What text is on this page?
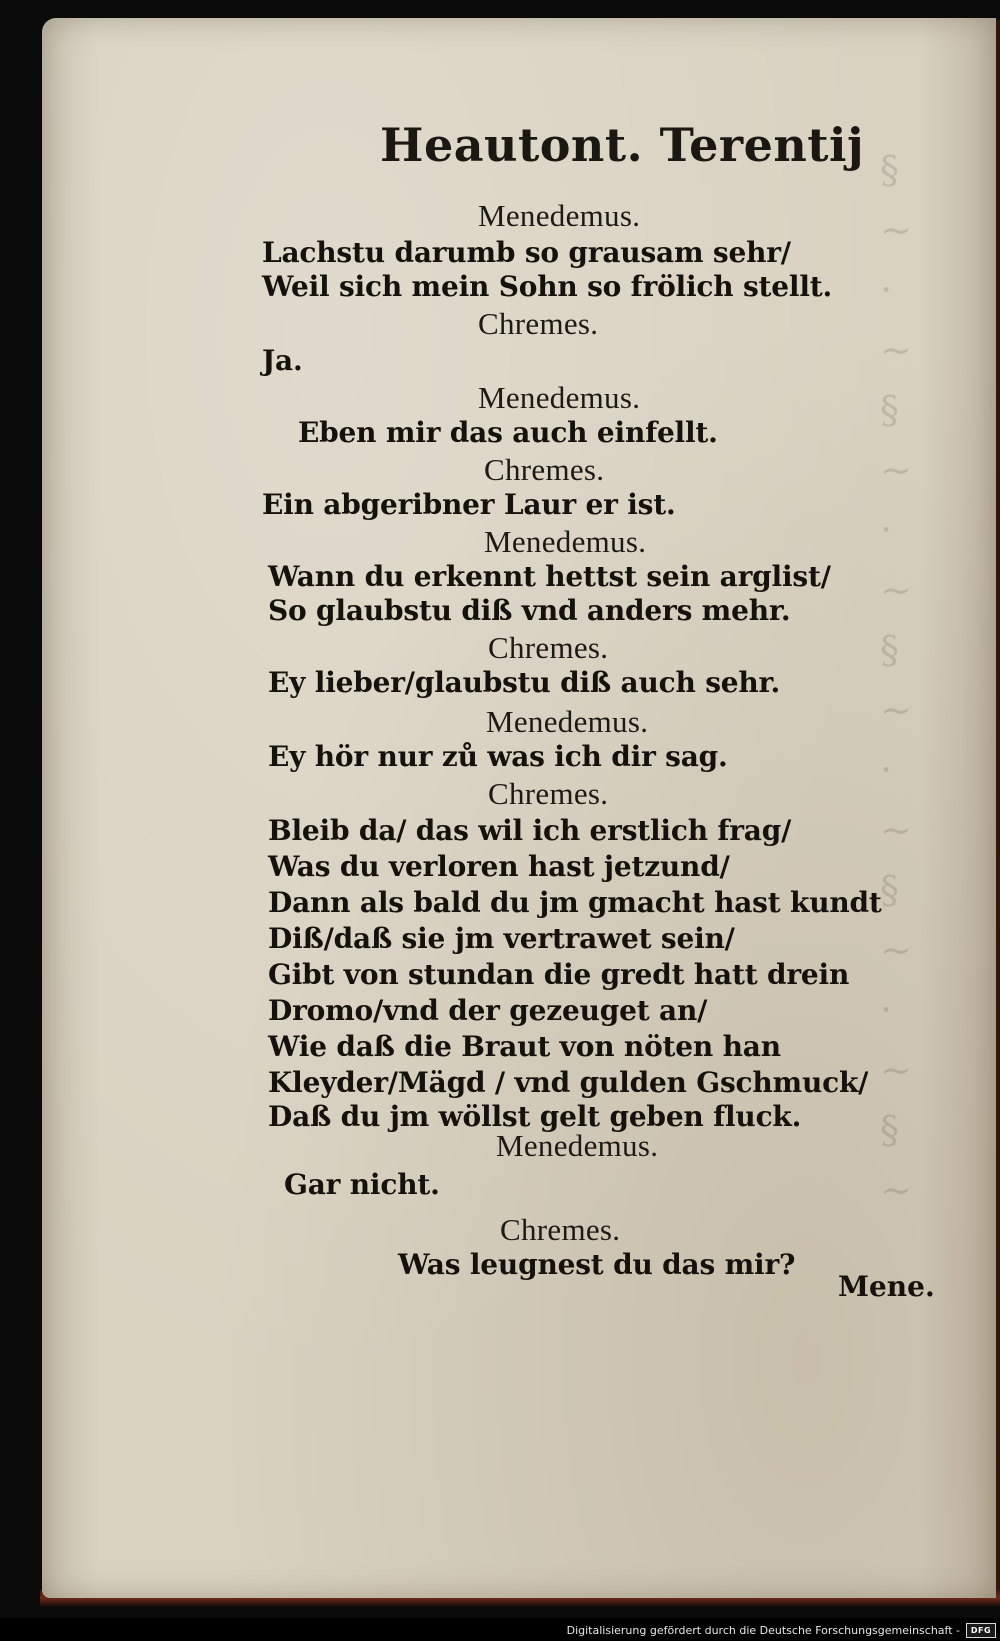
§
~
·
~
§
~
·
~
§
~
·
~
§
~
·
~
§
~
Heautont. Terentij
Menedemus.
Lachstu darumb so grausam sehr/
Weil sich mein Sohn so frölich stellt.
Chremes.
Ja.
Menedemus.
Eben mir das auch einfellt.
Chremes.
Ein abgeribner Laur er ist.
Menedemus.
Wann du erkennt hettst sein arglist/
So glaubstu diß vnd anders mehr.
Chremes.
Ey lieber/glaubstu diß auch sehr.
Menedemus.
Ey hör nur zů was ich dir sag.
Chremes.
Bleib da/ das wil ich erstlich frag/
Was du verloren hast jetzund/
Dann als bald du jm gmacht hast kundt
Diß/daß sie jm vertrawet sein/
Gibt von stundan die gredt hatt drein
Dromo/vnd der gezeuget an/
Wie daß die Braut von nöten han
Kleyder/Mägd / vnd gulden Gschmuck/
Daß du jm wöllst gelt geben fluck.
Menedemus.
Gar nicht.
Chremes.
Was leugnest du das mir?
Mene.
Digitalisierung gefördert durch die Deutsche Forschungsgemeinschaft -	DFG
